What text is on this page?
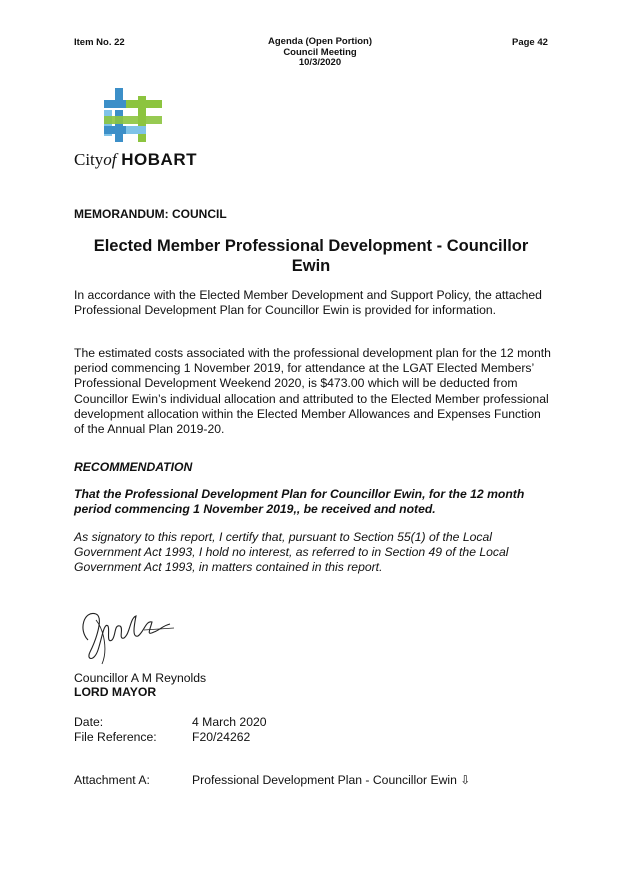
Item No. 22	Agenda (Open Portion)
Council Meeting
10/3/2020
Page 42
Cityof HOBART
MEMORANDUM: COUNCIL
Elected Member Professional Development - Councillor Ewin

In accordance with the Elected Member Development and Support Policy, the attached Professional Development Plan for Councillor Ewin is provided for information.

The estimated costs associated with the professional development plan for the 12 month period commencing 1 November 2019, for attendance at the LGAT Elected Members’ Professional Development Weekend 2020, is $473.00 which will be deducted from Councillor Ewin’s individual allocation and attributed to the Elected Member professional development allocation within the Elected Member Allowances and Expenses Function of the Annual Plan 2019-20.

RECOMMENDATION

That the Professional Development Plan for Councillor Ewin, for the 12 month period commencing 1 November 2019,, be received and noted.

As signatory to this report, I certify that, pursuant to Section 55(1) of the Local Government Act 1993, I hold no interest, as referred to in Section 49 of the Local Government Act 1993, in matters contained in this report.

Councillor A M Reynolds
LORD MAYOR
Date:	4 March 2020
File Reference:	F20/24262
Attachment A:	Professional Development Plan - Councillor Ewin ⇩
